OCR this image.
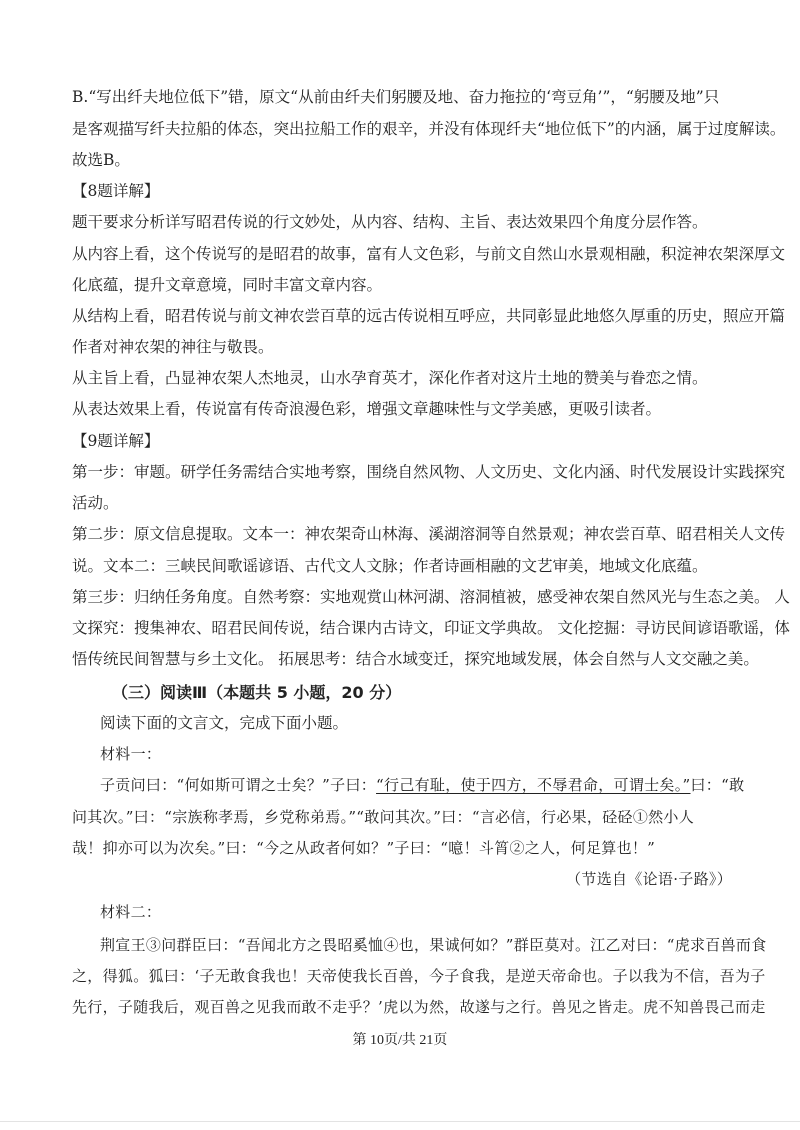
B.“写出纤夫地位低下”错，原文“从前由纤夫们躬腰及地、奋力拖拉的‘弯豆角’”，“躬腰及地”只
是客观描写纤夫拉船的体态，突出拉船工作的艰辛，并没有体现纤夫“地位低下”的内涵，属于过度解读。
故选B。
【8题详解】
题干要求分析详写昭君传说的行文妙处，从内容、结构、主旨、表达效果四个角度分层作答。
从内容上看，这个传说写的是昭君的故事，富有人文色彩，与前文自然山水景观相融，积淀神农架深厚文
化底蕴，提升文章意境，同时丰富文章内容。
从结构上看，昭君传说与前文神农尝百草的远古传说相互呼应，共同彰显此地悠久厚重的历史，照应开篇
作者对神农架的神往与敬畏。
从主旨上看，凸显神农架人杰地灵，山水孕育英才，深化作者对这片土地的赞美与眷恋之情。
从表达效果上看，传说富有传奇浪漫色彩，增强文章趣味性与文学美感，更吸引读者。
【9题详解】
第一步：审题。研学任务需结合实地考察，围绕自然风物、人文历史、文化内涵、时代发展设计实践探究
活动。
第二步：原文信息提取。文本一：神农架奇山林海、溪湖溶洞等自然景观；神农尝百草、昭君相关人文传
说。文本二：三峡民间歌谣谚语、古代文人文脉；作者诗画相融的文艺审美，地域文化底蕴。
第三步：归纳任务角度。自然考察：实地观赏山林河湖、溶洞植被，感受神农架自然风光与生态之美。 人
文探究：搜集神农、昭君民间传说，结合课内古诗文，印证文学典故。 文化挖掘：寻访民间谚语歌谣，体
悟传统民间智慧与乡土文化。 拓展思考：结合水域变迁，探究地域发展，体会自然与人文交融之美。
（三）阅读Ⅲ（本题共 5 小题，20 分）
阅读下面的文言文，完成下面小题。
材料一：
子贡问曰：“何如斯可谓之士矣？”子曰：“行己有耻，使于四方，不辱君命，可谓士矣。”曰：“敢
问其次。”曰：“宗族称孝焉，乡党称弟焉。”“敢问其次。”曰：“言必信，行必果，硁硁①然小人
哉！抑亦可以为次矣。”曰：“今之从政者何如？”子曰：“噫！斗筲②之人，何足算也！”
（节选自《论语·子路》）
材料二：
荆宣王③问群臣曰：“吾闻北方之畏昭奚恤④也，果诚何如？”群臣莫对。江乙对曰：“虎求百兽而食
之，得狐。狐曰：‘子无敢食我也！天帝使我长百兽，今子食我，是逆天帝命也。子以我为不信，吾为子
先行，子随我后，观百兽之见我而敢不走乎？’虎以为然，故遂与之行。兽见之皆走。虎不知兽畏己而走
第 10页/共 21页
